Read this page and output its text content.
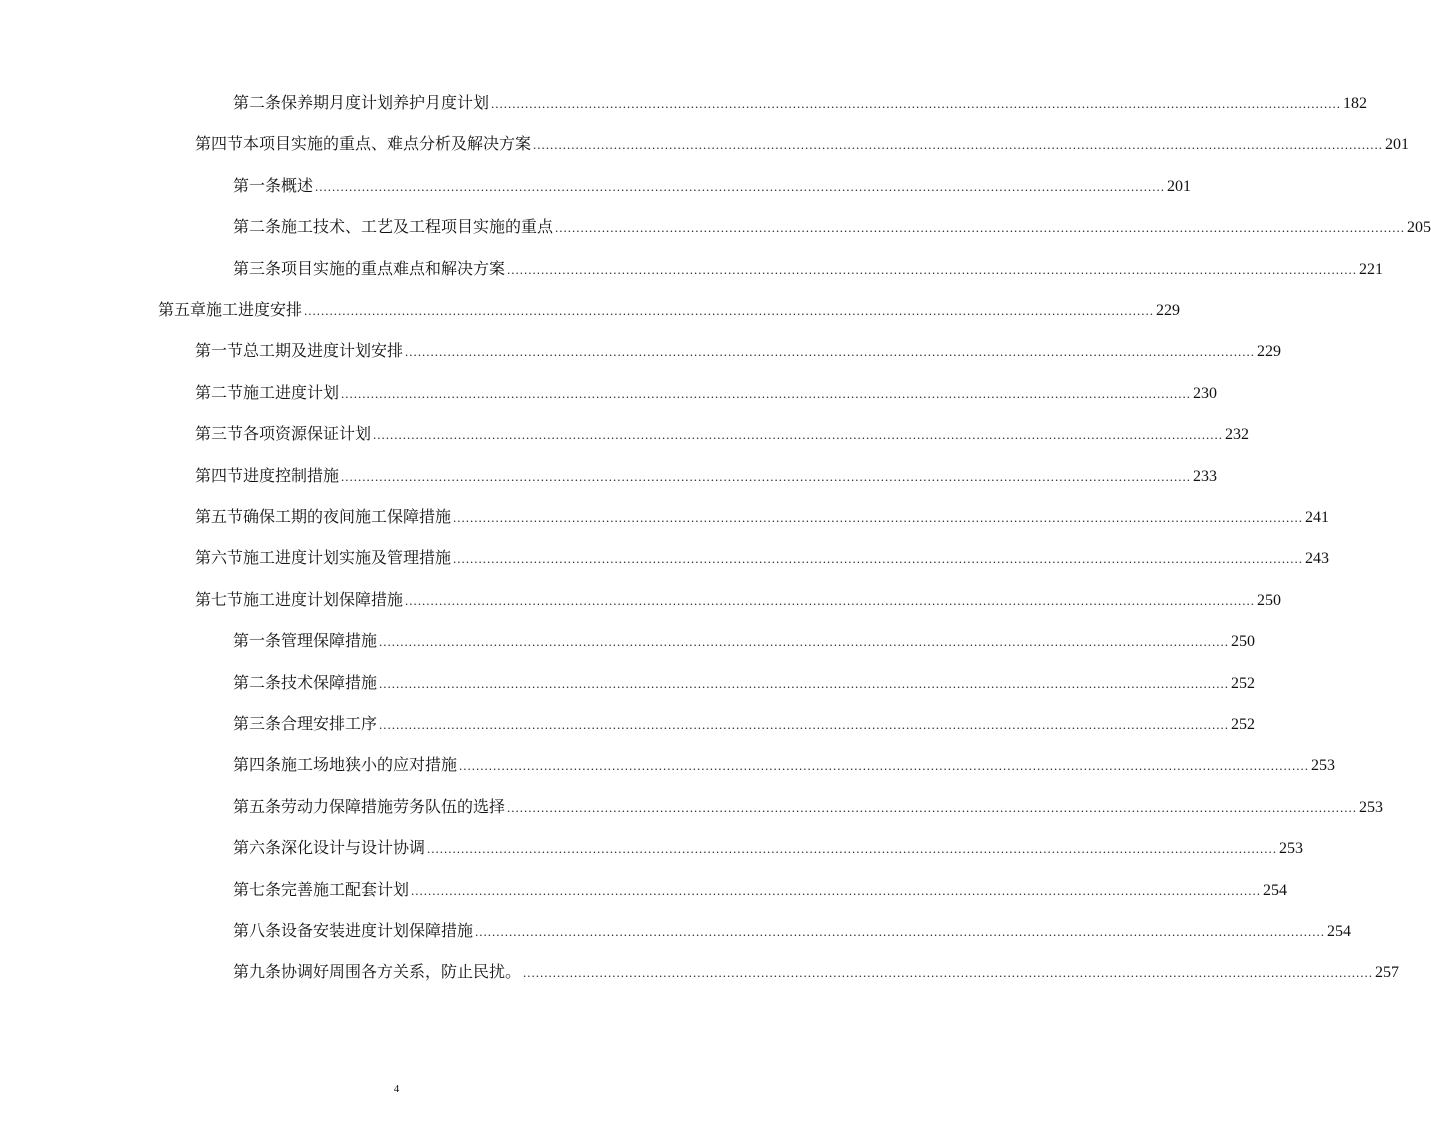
第二条 保养期月度计划养护月度计划 ........................................................................................................................................................................................................ 182
第四节 本项目实施的重点、难点分析及解决方案 ........................................................................................................................................................................................................ 201
第一条 概述 ........................................................................................................................................................................................................ 201
第二条 施工技术、工艺及工程项目实施的重点 ........................................................................................................................................................................................................ 205
第三条 项目实施的重点难点和解决方案 ........................................................................................................................................................................................................ 221
第五章 施工进度安排 ........................................................................................................................................................................................................ 229
第一节 总工期及进度计划安排 ........................................................................................................................................................................................................ 229
第二节 施工进度计划 ........................................................................................................................................................................................................ 230
第三节 各项资源保证计划 ........................................................................................................................................................................................................ 232
第四节 进度控制措施 ........................................................................................................................................................................................................ 233
第五节 确保工期的夜间施工保障措施 ........................................................................................................................................................................................................ 241
第六节 施工进度计划实施及管理措施 ........................................................................................................................................................................................................ 243
第七节 施工进度计划保障措施 ........................................................................................................................................................................................................ 250
第一条 管理保障措施 ........................................................................................................................................................................................................ 250
第二条 技术保障措施 ........................................................................................................................................................................................................ 252
第三条 合理安排工序 ........................................................................................................................................................................................................ 252
第四条 施工场地狭小的应对措施 ........................................................................................................................................................................................................ 253
第五条 劳动力保障措施劳务队伍的选择 ........................................................................................................................................................................................................ 253
第六条 深化设计与设计协调 ........................................................................................................................................................................................................ 253
第七条 完善施工配套计划 ........................................................................................................................................................................................................ 254
第八条 设备安装进度计划保障措施 ........................................................................................................................................................................................................ 254
第九条 协调好周围各方关系，防止民扰。 ........................................................................................................................................................................................................ 257
4
